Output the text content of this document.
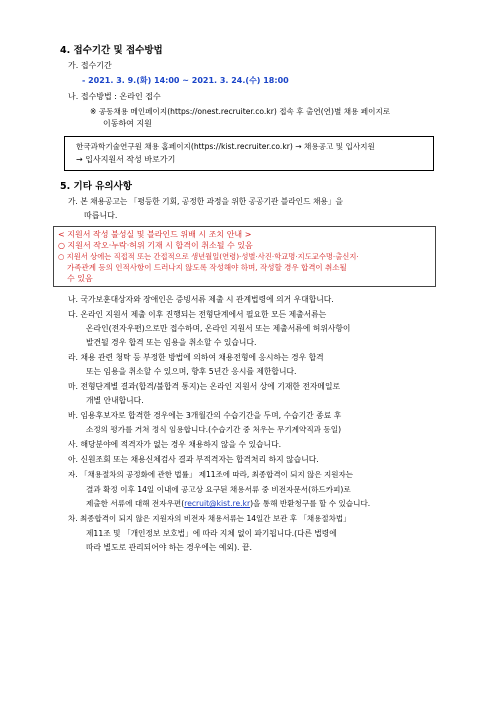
4. 접수기간 및 접수방법
가. 접수기간
- 2021. 3. 9.(화) 14:00 ~ 2021. 3. 24.(수) 18:00
나. 접수방법 : 온라인 접수
※ 공동채용 메인페이지(https://onest.recruiter.co.kr) 접속 후 출연(연)별 채용 페이지로
이동하여 지원
한국과학기술연구원 채용 홈페이지(https://kist.recruiter.co.kr) → 채용공고 및 입사지원
→ 입사지원서 작성 바로가기
5. 기타 유의사항
가. 본 채용공고는 「평등한 기회, 공정한 과정을 위한 공공기관 블라인드 채용」을
따릅니다.
< 지원서 작성 불성실 및 블라인드 위배 시 조치 안내 >
○ 지원서 작오·누락·허위 기재 시 합격이 취소될 수 있음
○ 지원서 상에는 직접적 또는 간접적으로 생년월일(연령)·성별·사진·학교명·지도교수명·출신지·
가족관계 등의 인적사항이 드러나지 않도록 작성해야 하며, 작성할 경우 합격이 취소될
수 있음
나. 국가보훈대상자와 장애인은 증빙서류 제출 시 관계법령에 의거 우대합니다.
다. 온라인 지원서 제출 이후 진행되는 전형단계에서 필요한 모든 제출서류는
온라인(전자우편)으로만 접수하며, 온라인 지원서 또는 제출서류에 허위사항이
발견될 경우 합격 또는 임용을 취소할 수 있습니다.
라. 채용 관련 청탁 등 부정한 방법에 의하여 채용전형에 응시하는 경우 합격
또는 임용을 취소할 수 있으며, 향후 5년간 응시를 제한합니다.
마. 전형단계별 결과(합격/불합격 통지)는 온라인 지원서 상에 기재한 전자메일로
개별 안내합니다.
바. 임용후보자로 합격한 경우에는 3개월간의 수습기간을 두며, 수습기간 종료 후
소정의 평가를 거쳐 정식 임용합니다.(수습기간 중 처우는 무기계약직과 동일)
사. 해당분야에 적격자가 없는 경우 채용하지 않을 수 있습니다.
아. 신원조회 또는 채용신체검사 결과 부적격자는 합격처리 하지 않습니다.
자. 「채용절차의 공정화에 관한 법률」 제11조에 따라, 최종합격이 되지 않은 지원자는
결과 확정 이후 14일 이내에 공고상 요구된 채용서류 중 비전자문서(하드카피)로
제출한 서류에 대해 전자우편(recruit@kist.re.kr)을 통해 반환청구를 할 수 있습니다.
차. 최종합격이 되지 않은 지원자의 비전자 채용서류는 14일간 보관 후 「채용절차법」
제11조 및 「개인정보 보호법」에 따라 지체 없이 파기됩니다.(다른 법령에
따라 별도로 관리되어야 하는 경우에는 예외). 끝.
